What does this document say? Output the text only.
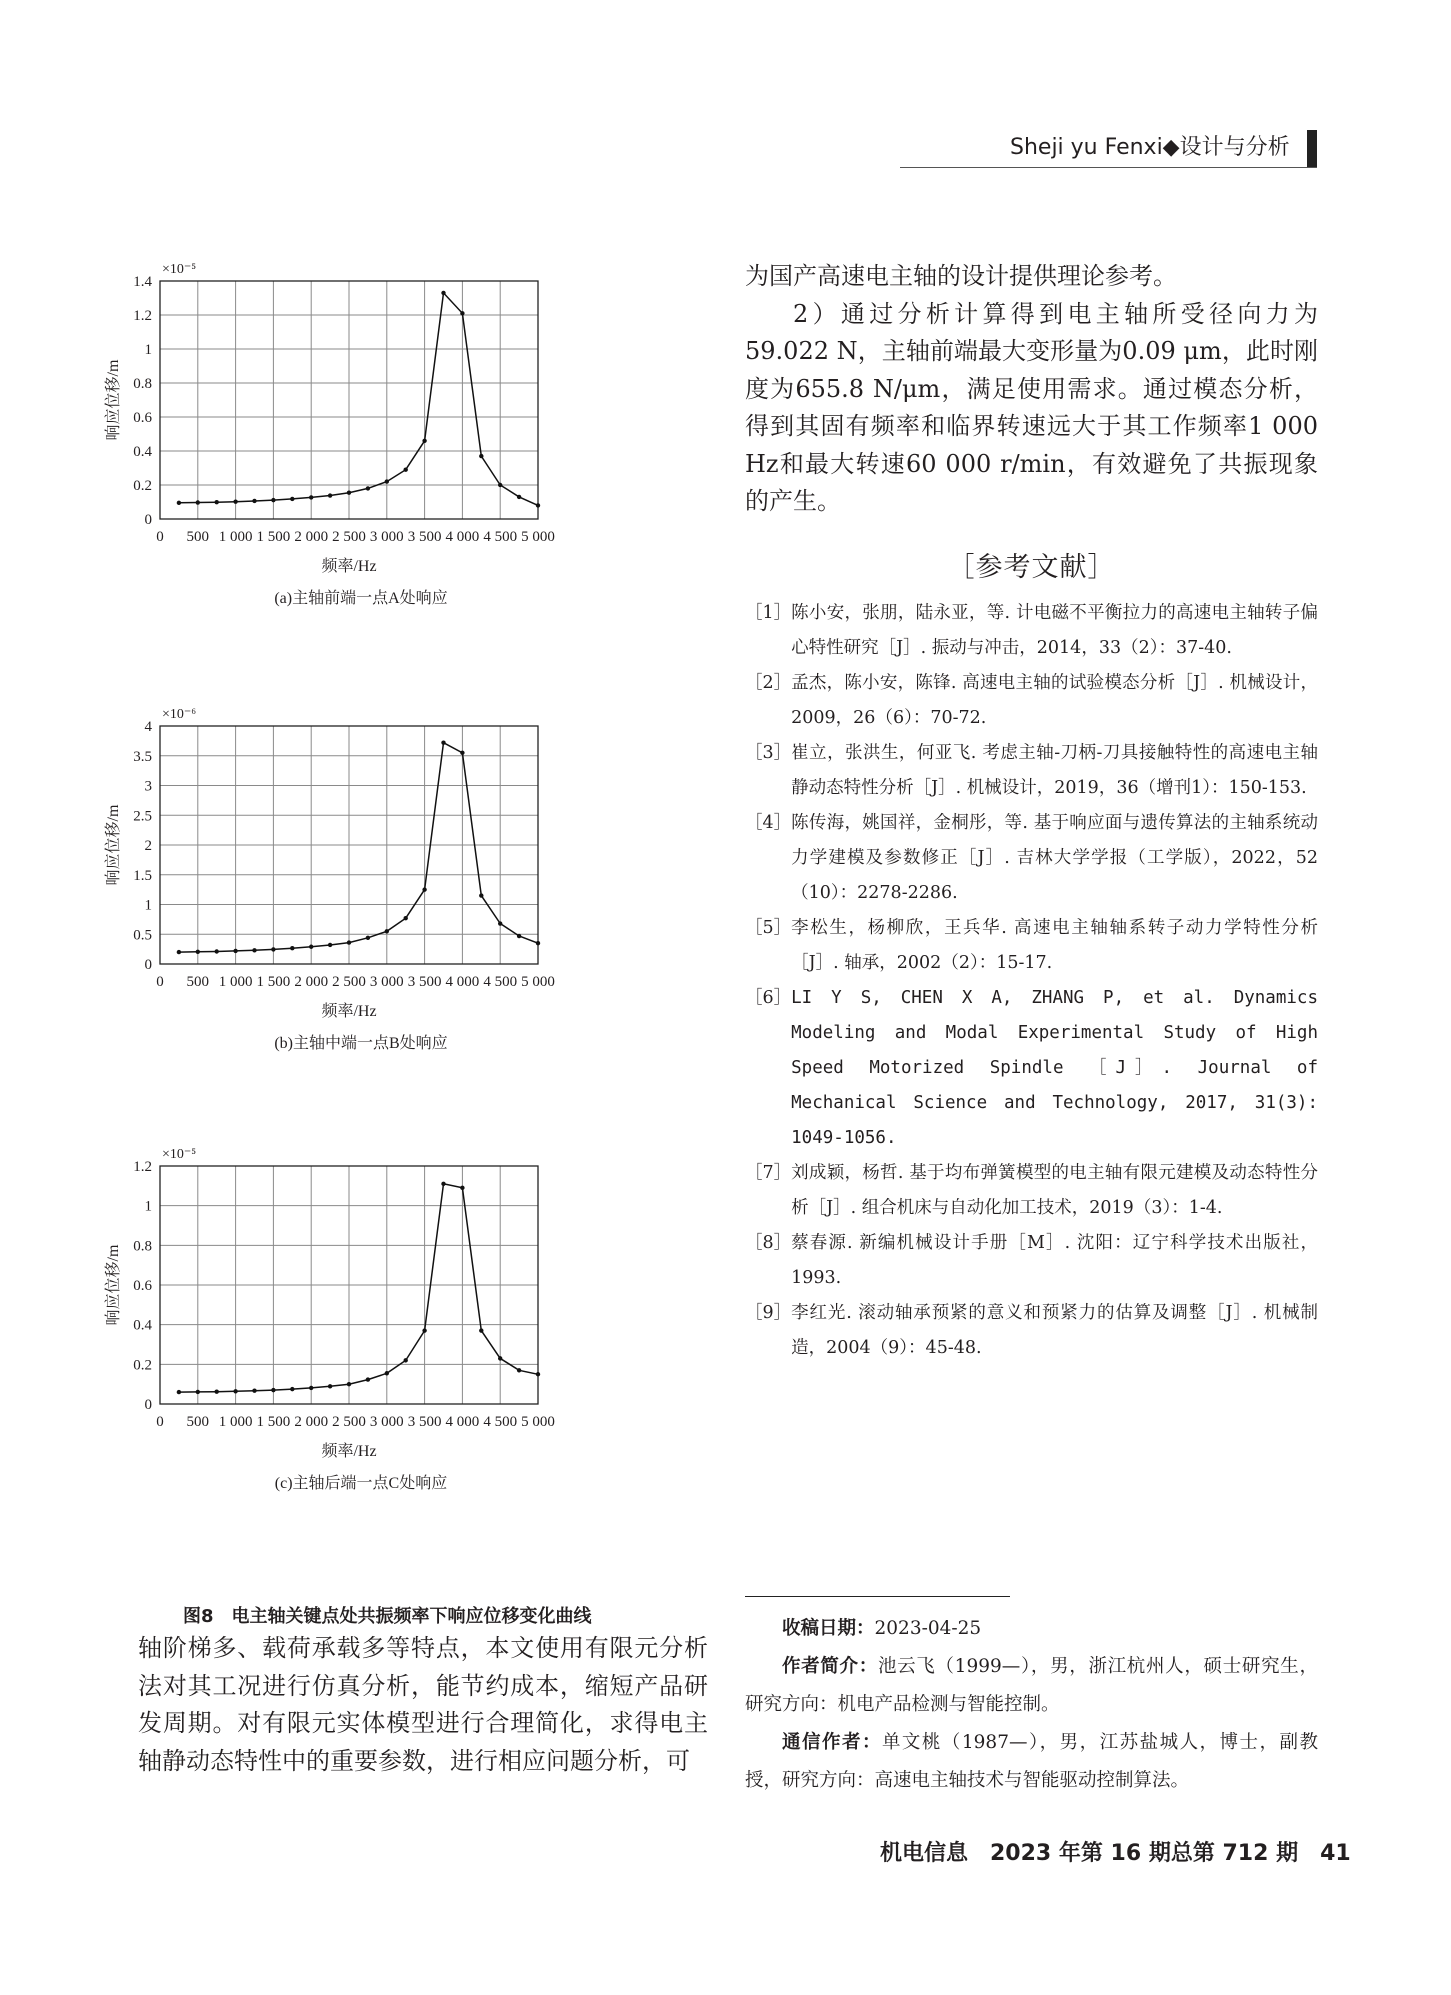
Sheji yu Fenxi◆设计与分析
0
0.2
0.4
0.6
0.8
1
1.2
1.4
0 500 1 000 1 500 2 000 2 500 3 000 3 500 4 000 4 500 5 000
×10⁻⁵
频率/Hz
响应位移/m
(a)主轴前端一点A处响应
0
0.5
1
1.5
2
2.5
3
3.5
4
0 500 1 000 1 500 2 000 2 500 3 000 3 500 4 000 4 500 5 000
×10⁻⁶
频率/Hz
响应位移/m
(b)主轴中端一点B处响应
0
0.2
0.4
0.6
0.8
1
1.2
0 500 1 000 1 500 2 000 2 500 3 000 3 500 4 000 4 500 5 000
×10⁻⁵
频率/Hz
响应位移/m
(c)主轴后端一点C处响应
图8　电主轴关键点处共振频率下响应位移变化曲线
轴阶梯多、载荷承载多等特点，本文使用有限元分析法对其工况进行仿真分析，能节约成本，缩短产品研发周期。对有限元实体模型进行合理简化，求得电主轴静动态特性中的重要参数，进行相应问题分析，可

为国产高速电主轴的设计提供理论参考。

2）通过分析计算得到电主轴所受径向力为59.022 N，主轴前端最大变形量为0.09 μm，此时刚度为655.8 N/μm，满足使用需求。通过模态分析，得到其固有频率和临界转速远大于其工作频率1 000 Hz和最大转速60 000 r/min，有效避免了共振现象的产生。

［参考文献］
［1］ 陈小安，张朋，陆永亚，等. 计电磁不平衡拉力的高速电主轴转子偏心特性研究［J］. 振动与冲击，2014，33（2）：37-40.
［2］ 孟杰，陈小安，陈锋. 高速电主轴的试验模态分析［J］. 机械设计，2009，26（6）：70-72.
［3］ 崔立，张洪生，何亚飞. 考虑主轴-刀柄-刀具接触特性的高速电主轴静动态特性分析［J］. 机械设计，2019，36（增刊1）：150-153.
［4］ 陈传海，姚国祥，金桐彤，等. 基于响应面与遗传算法的主轴系统动力学建模及参数修正［J］. 吉林大学学报（工学版），2022，52（10）：2278-2286.
［5］ 李松生，杨柳欣，王兵华. 高速电主轴轴系转子动力学特性分析［J］. 轴承，2002（2）：15-17.
［6］ LI Y S, CHEN X A, ZHANG P, et al. Dynamics Modeling and Modal Experimental Study of High Speed Motorized Spindle ［J］. Journal of Mechanical Science and Technology, 2017, 31(3): 1049-1056.
［7］ 刘成颖，杨哲. 基于均布弹簧模型的电主轴有限元建模及动态特性分析［J］. 组合机床与自动化加工技术，2019（3）：1-4.
［8］ 蔡春源. 新编机械设计手册［M］. 沈阳：辽宁科学技术出版社，1993.
［9］ 李红光. 滚动轴承预紧的意义和预紧力的估算及调整［J］. 机械制造，2004（9）：45-48.

收稿日期：2023-04-25

作者简介：池云飞（1999—），男，浙江杭州人，硕士研究生，研究方向：机电产品检测与智能控制。

通信作者：单文桃（1987—），男，江苏盐城人，博士，副教授，研究方向：高速电主轴技术与智能驱动控制算法。

机电信息　2023 年第 16 期总第 712 期　41
